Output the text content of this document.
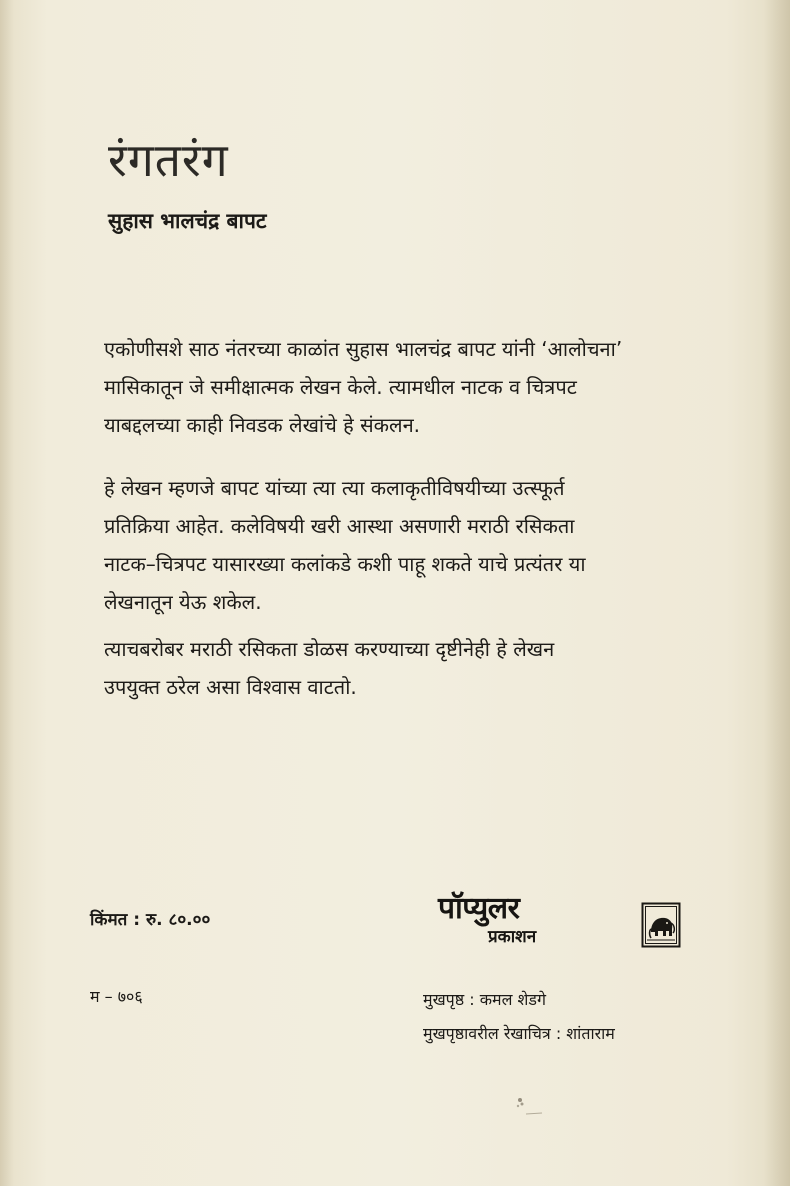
रंगतरंग
सुहास भालचंद्र बापट
एकोणीसशे साठ नंतरच्या काळांत सुहास भालचंद्र बापट यांनी ‘आलोचना’
मासिकातून जे समीक्षात्मक लेखन केले. त्यामधील नाटक व चित्रपट
याबद्दलच्या काही निवडक लेखांचे हे संकलन.
हे लेखन म्हणजे बापट यांच्या त्या त्या कलाकृतीविषयीच्या उत्स्फूर्त
प्रतिक्रिया आहेत. कलेविषयी खरी आस्था असणारी मराठी रसिकता
नाटक–चित्रपट यासारख्या कलांकडे कशी पाहू शकते याचे प्रत्यंतर या
लेखनातून येऊ शकेल.
त्याचबरोबर मराठी रसिकता डोळस करण्याच्या दृष्टीनेही हे लेखन
उपयुक्त ठरेल असा विश्वास वाटतो.
किंमत : रु. ८०.००
म – ७०६
पॉप्युलर
प्रकाशन
मुखपृष्ठ : कमल शेडगे
मुखपृष्ठावरील रेखाचित्र : शांताराम
